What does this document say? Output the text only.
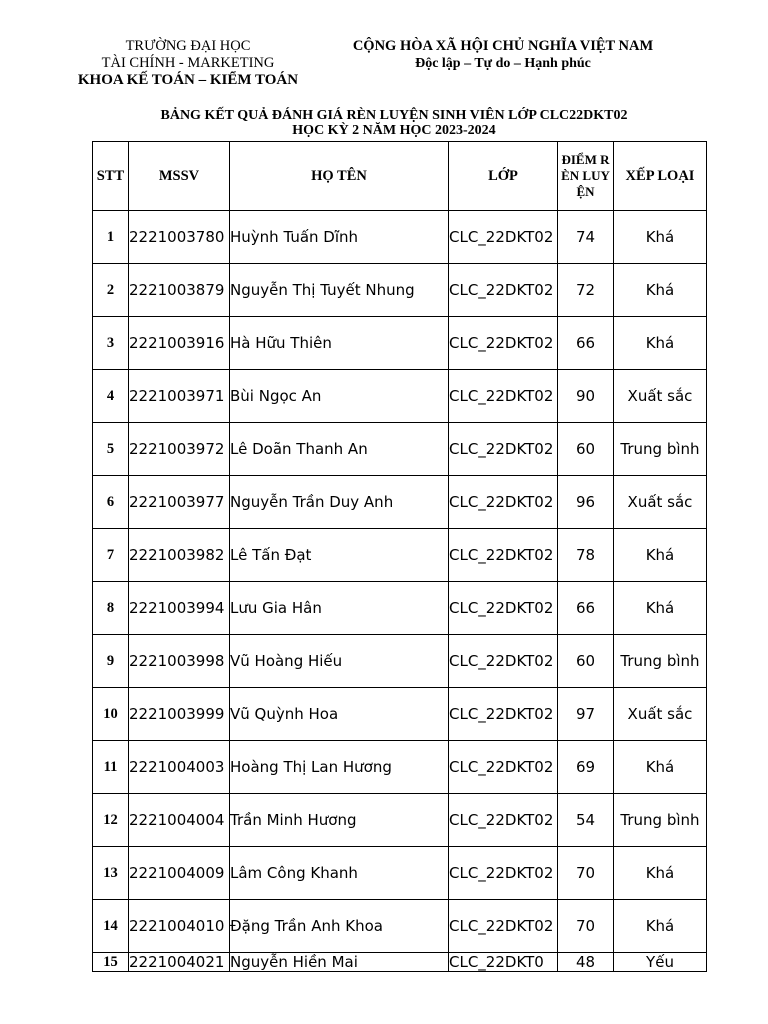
TRƯỜNG ĐẠI HỌC
TÀI CHÍNH - MARKETING
KHOA KẾ TOÁN – KIỂM TOÁN
CỘNG HÒA XÃ HỘI CHỦ NGHĨA VIỆT NAM
Độc lập – Tự do – Hạnh phúc
BẢNG KẾT QUẢ ĐÁNH GIÁ RÈN LUYỆN SINH VIÊN LỚP CLC22DKT02
HỌC KỲ 2 NĂM HỌC 2023-2024
STT	MSSV	HỌ TÊN	LỚP	ĐIỂM RÈN LUYỆN	XẾP LOẠI
1	2221003780	Huỳnh Tuấn Dĩnh	CLC_22DKT02	74	Khá
2	2221003879	Nguyễn Thị Tuyết Nhung	CLC_22DKT02	72	Khá
3	2221003916	Hà Hữu Thiên	CLC_22DKT02	66	Khá
4	2221003971	Bùi Ngọc An	CLC_22DKT02	90	Xuất sắc
5	2221003972	Lê Doãn Thanh An	CLC_22DKT02	60	Trung bình
6	2221003977	Nguyễn Trần Duy Anh	CLC_22DKT02	96	Xuất sắc
7	2221003982	Lê Tấn Đạt	CLC_22DKT02	78	Khá
8	2221003994	Lưu Gia Hân	CLC_22DKT02	66	Khá
9	2221003998	Vũ Hoàng Hiếu	CLC_22DKT02	60	Trung bình
10	2221003999	Vũ Quỳnh Hoa	CLC_22DKT02	97	Xuất sắc
11	2221004003	Hoàng Thị Lan Hương	CLC_22DKT02	69	Khá
12	2221004004	Trần Minh Hương	CLC_22DKT02	54	Trung bình
13	2221004009	Lâm Công Khanh	CLC_22DKT02	70	Khá
14	2221004010	Đặng Trần Anh Khoa	CLC_22DKT02	70	Khá
15	2221004021	Nguyễn Hiền Mai	CLC_22DKT0	48	Yếu
